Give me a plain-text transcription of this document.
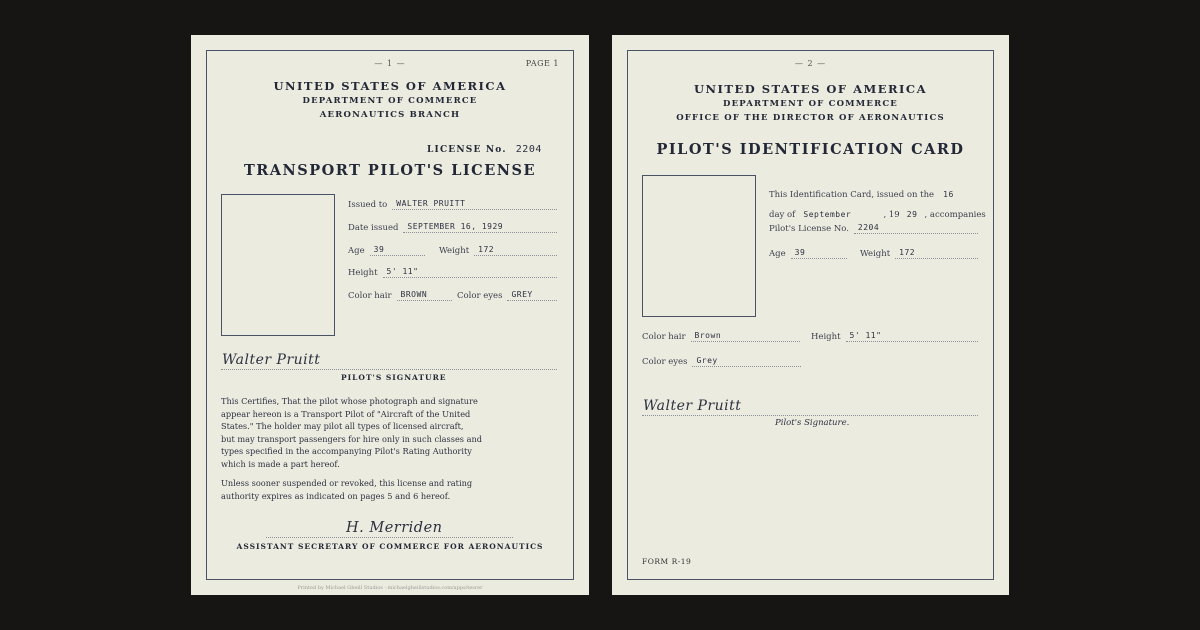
— 1 —	PAGE 1
UNITED STATES OF AMERICA
DEPARTMENT OF COMMERCE
AERONAUTICS BRANCH
LICENSE No. 2204
TRANSPORT PILOT'S LICENSE
Issued to WALTER PRUITT
Date issued SEPTEMBER 16, 1929
Age 39	Weight 172
Height 5' 11"
Color hair BROWN	Color eyes GREY
Walter Pruitt
PILOT'S SIGNATURE
This Certifies, That the pilot whose photograph and signature
appear hereon is a Transport Pilot of "Aircraft of the United
States." The holder may pilot all types of licensed aircraft,
but may transport passengers for hire only in such classes and
types specified in the accompanying Pilot's Rating Authority
which is made a part hereof.
Unless sooner suspended or revoked, this license and rating
authority expires as indicated on pages 5 and 6 hereof.
H. Merriden
ASSISTANT SECRETARY OF COMMERCE FOR AERONAUTICS
Printed by Michael Gheill Studios · michaelgheillstudios.com/apps/tesrer
— 2 —
UNITED STATES OF AMERICA
DEPARTMENT OF COMMERCE
OFFICE OF THE DIRECTOR OF AERONAUTICS
PILOT'S IDENTIFICATION CARD
This Identification Card, issued on the 16
day of September	, 19 29 , accompanies
Pilot's License No. 2204
Age 39	Weight 172
Color hair Brown	Height 5' 11"
Color eyes Grey
Walter Pruitt
Pilot's Signature.
FORM R-19
